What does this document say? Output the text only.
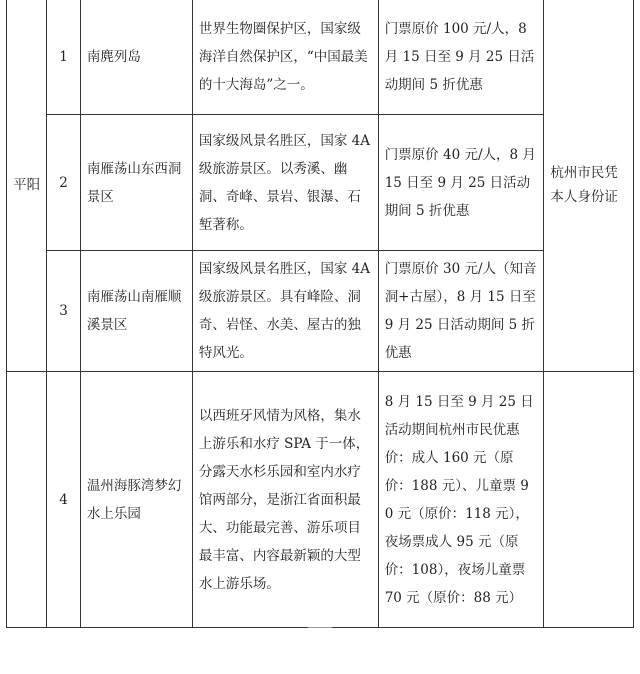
平阳	1	南麂列岛	世界生物圈保护区，国家级海洋自然保护区，“中国最美的十大海岛”之一。	门票原价 100 元/人，8 月 15 日至 9 月 25 日活动期间 5 折优惠	杭州市民凭本人身份证

	2	南雁荡山东西洞景区	国家级风景名胜区，国家 4A 级旅游景区。以秀溪、幽洞、奇峰、景岩、银瀑、石堑著称。	门票原价 40 元/人，8 月 15 日至 9 月 25 日活动期间 5 折优惠	
	3	南雁荡山南雁顺溪景区	国家级风景名胜区，国家 4A 级旅游景区。具有峰险、洞奇、岩怪、水美、屋古的独特风光。	门票原价 30 元/人（知音洞+古屋），8 月 15 日至 9 月 25 日活动期间 5 折优惠	
	4	温州海豚湾梦幻水上乐园	以西班牙风情为风格，集水上游乐和水疗 SPA 于一体，分露天水杉乐园和室内水疗馆两部分，是浙江省面积最大、功能最完善、游乐项目最丰富、内容最新颖的大型水上游乐场。	8 月 15 日至 9 月 25 日活动期间杭州市民优惠价：成人 160 元（原价：188 元）、儿童票 90 元（原价：118 元），夜场票成人 95 元（原价：108），夜场儿童票 70 元（原价：88 元）	
